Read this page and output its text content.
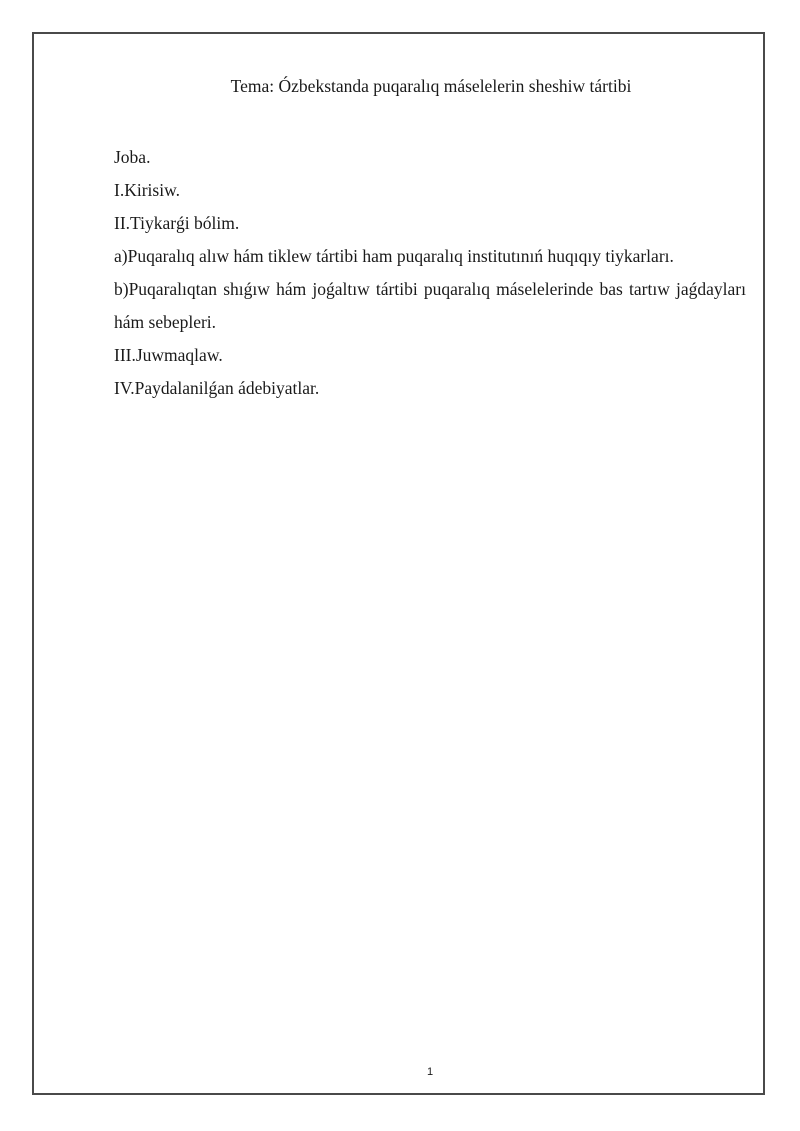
Tema: Ózbekstanda puqaralıq máselelerin sheshiw tártibi
Joba.
I.Kirisiw.
II.Tiykarǵi bólim.
a)Puqaralıq alıw hám tiklew tártibi ham puqaralıq institutınıń huqıqıy tiykarları.
b)Puqaralıqtan shıǵıw hám joǵaltıw tártibi puqaralıq máselelerinde bas tartıw jaǵdayları hám sebepleri.
III.Juwmaqlaw.
IV.Paydalanilǵan ádebiyatlar.
1
